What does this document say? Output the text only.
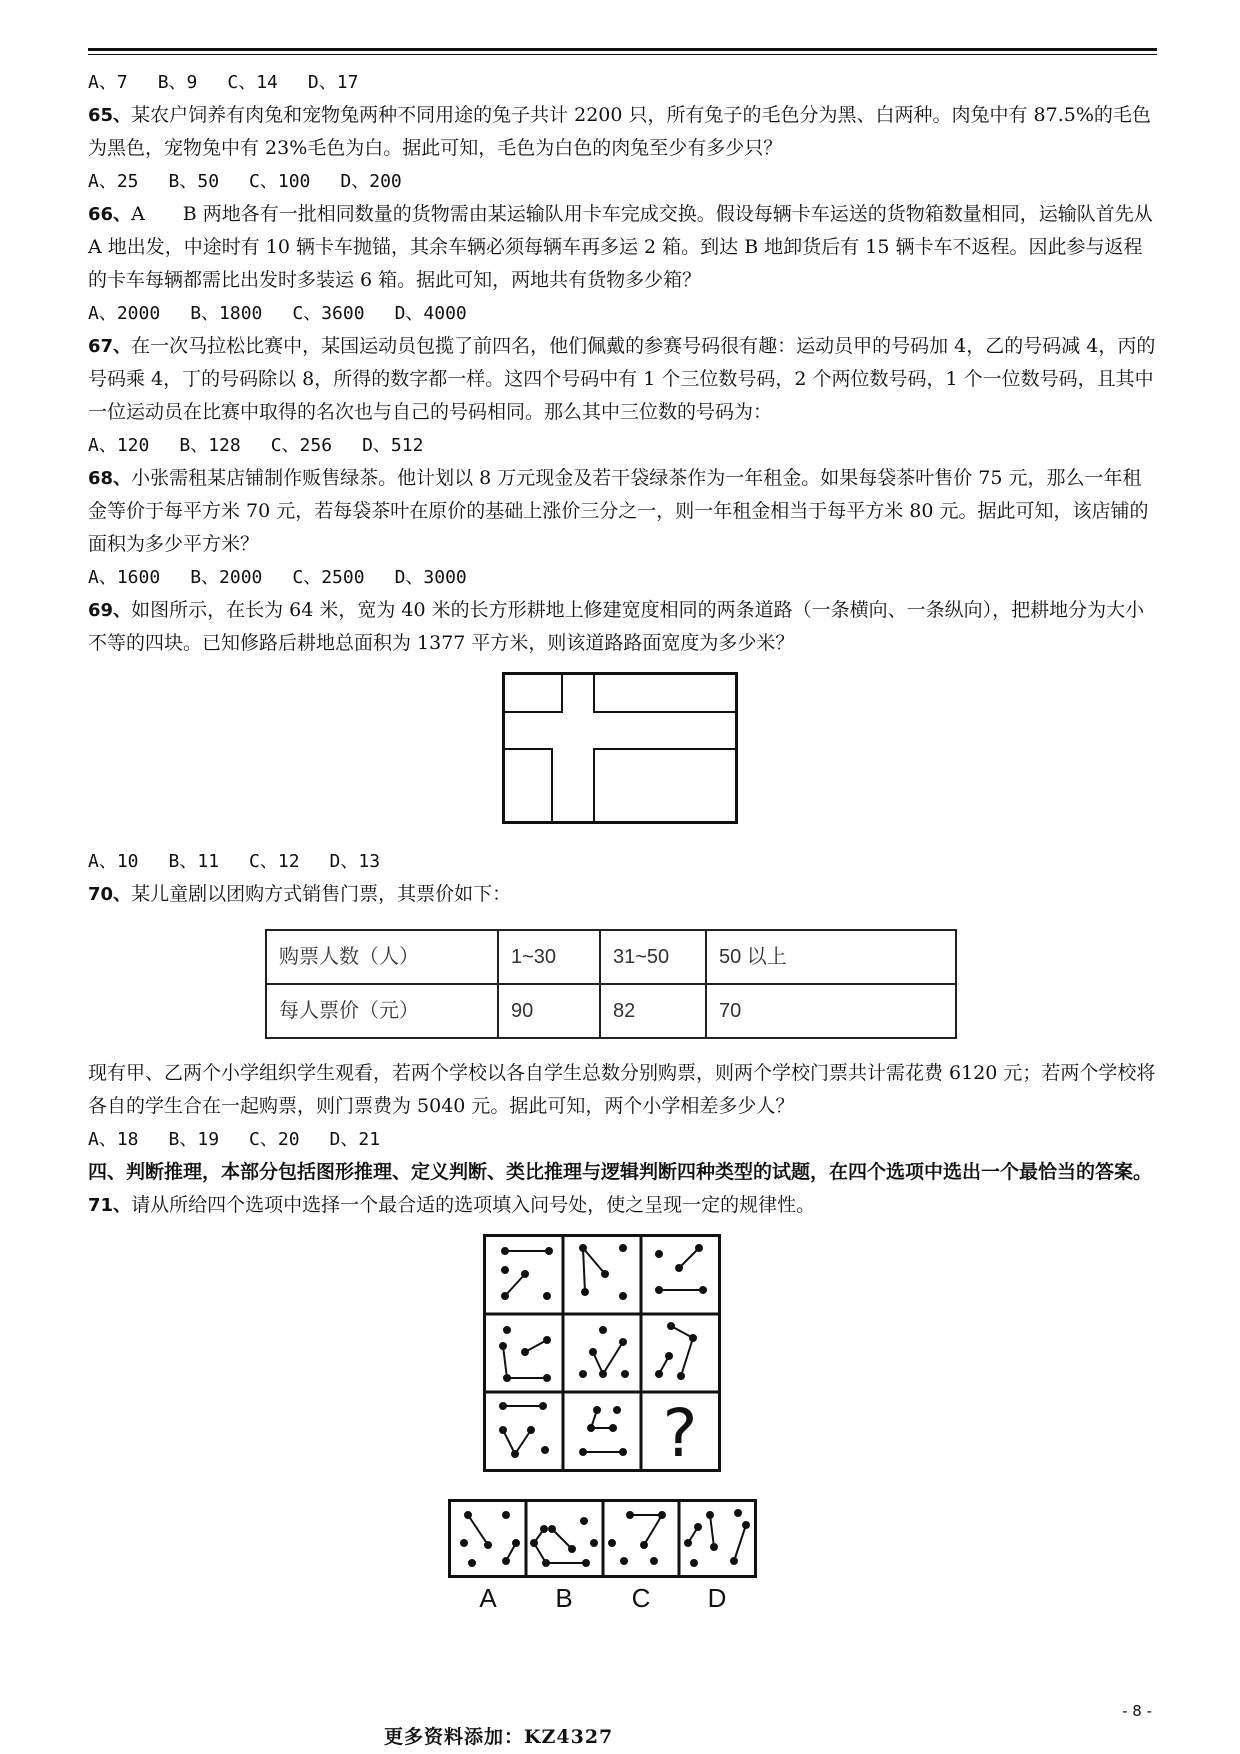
A、7 B、9 C、14 D、17

65、某农户饲养有肉兔和宠物兔两种不同用途的兔子共计 2200 只，所有兔子的毛色分为黑、白两种。肉兔中有 87.5%的毛色为黑色，宠物兔中有 23%毛色为白。据此可知，毛色为白色的肉兔至少有多少只？

A、25 B、50 C、100 D、200

66、A　　B 两地各有一批相同数量的货物需由某运输队用卡车完成交换。假设每辆卡车运送的货物箱数量相同，运输队首先从 A 地出发，中途时有 10 辆卡车抛锚，其余车辆必须每辆车再多运 2 箱。到达 B 地卸货后有 15 辆卡车不返程。因此参与返程的卡车每辆都需比出发时多装运 6 箱。据此可知，两地共有货物多少箱？

A、2000 B、1800 C、3600 D、4000

67、在一次马拉松比赛中，某国运动员包揽了前四名，他们佩戴的参赛号码很有趣：运动员甲的号码加 4，乙的号码减 4，丙的号码乘 4，丁的号码除以 8，所得的数字都一样。这四个号码中有 1 个三位数号码，2 个两位数号码，1 个一位数号码，且其中一位运动员在比赛中取得的名次也与自己的号码相同。那么其中三位数的号码为：

A、120 B、128 C、256 D、512

68、小张需租某店铺制作贩售绿茶。他计划以 8 万元现金及若干袋绿茶作为一年租金。如果每袋茶叶售价 75 元，那么一年租金等价于每平方米 70 元，若每袋茶叶在原价的基础上涨价三分之一，则一年租金相当于每平方米 80 元。据此可知，该店铺的面积为多少平方米？

A、1600 B、2000 C、2500 D、3000

69、如图所示，在长为 64 米，宽为 40 米的长方形耕地上修建宽度相同的两条道路（一条横向、一条纵向），把耕地分为大小不等的四块。已知修路后耕地总面积为 1377 平方米，则该道路路面宽度为多少米？

A、10 B、11 C、12 D、13

70、某儿童剧以团购方式销售门票，其票价如下：

购票人数（人）	1~30	31~50	50 以上
每人票价（元）	90	82	70

现有甲、乙两个小学组织学生观看，若两个学校以各自学生总数分别购票，则两个学校门票共计需花费 6120 元；若两个学校将各自的学生合在一起购票，则门票费为 5040 元。据此可知，两个小学相差多少人？

A、18 B、19 C、20 D、21

四、判断推理，本部分包括图形推理、定义判断、类比推理与逻辑判断四种类型的试题，在四个选项中选出一个最恰当的答案。

71、请从所给四个选项中选择一个最合适的选项填入问号处，使之呈现一定的规律性。

?

A B C D
- 8 -
更多资料添加：KZ4327
